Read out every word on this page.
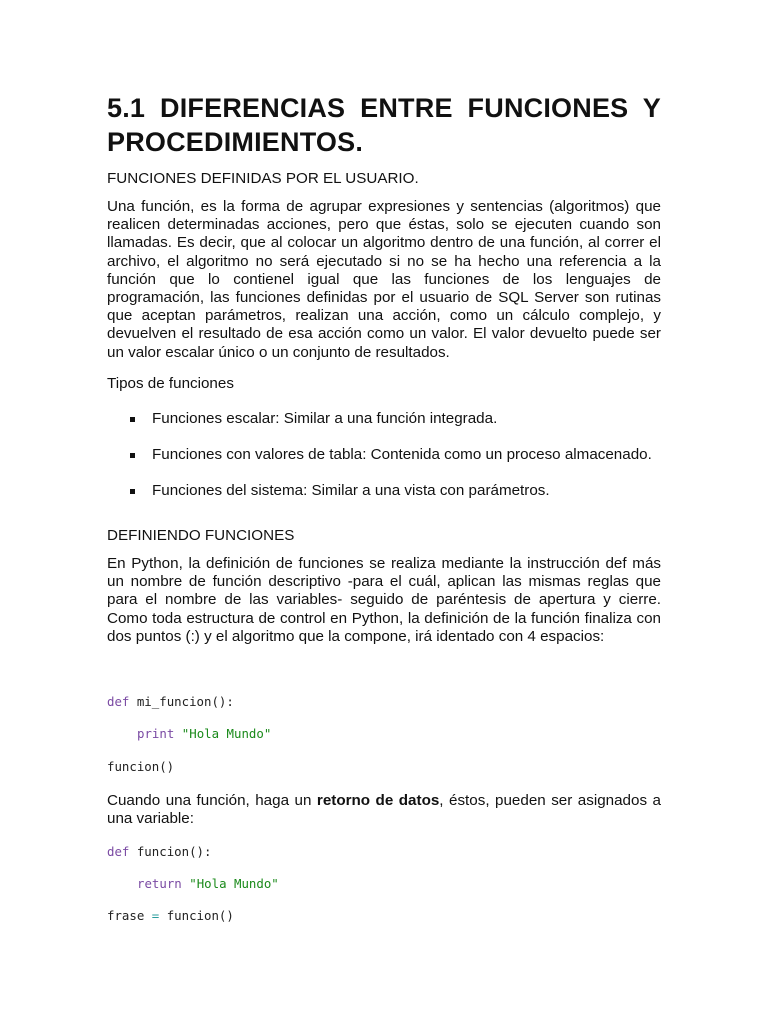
5.1 DIFERENCIAS ENTRE FUNCIONES Y PROCEDIMIENTOS.

FUNCIONES DEFINIDAS POR EL USUARIO.

Una función, es la forma de agrupar expresiones y sentencias (algoritmos) que realicen determinadas acciones, pero que éstas, solo se ejecuten cuando son llamadas. Es decir, que al colocar un algoritmo dentro de una función, al correr el archivo, el algoritmo no será ejecutado si no se ha hecho una referencia a la función que lo contienel igual que las funciones de los lenguajes de programación, las funciones definidas por el usuario de SQL Server son rutinas que aceptan parámetros, realizan una acción, como un cálculo complejo, y devuelven el resultado de esa acción como un valor. El valor devuelto puede ser un valor escalar único o un conjunto de resultados.

Tipos de funciones

Funciones escalar: Similar a una función integrada.
Funciones con valores de tabla: Contenida como un proceso almacenado.
Funciones del sistema: Similar a una vista con parámetros.

DEFINIENDO FUNCIONES

En Python, la definición de funciones se realiza mediante la instrucción def más un nombre de función descriptivo -para el cuál, aplican las mismas reglas que para el nombre de las variables- seguido de paréntesis de apertura y cierre. Como toda estructura de control en Python, la definición de la función finaliza con dos puntos (:) y el algoritmo que la compone, irá identado con 4 espacios:

def mi_funcion():
print "Hola Mundo"
funcion()

Cuando una función, haga un retorno de datos, éstos, pueden ser asignados a una variable:

def funcion():
return "Hola Mundo"
frase = funcion()
